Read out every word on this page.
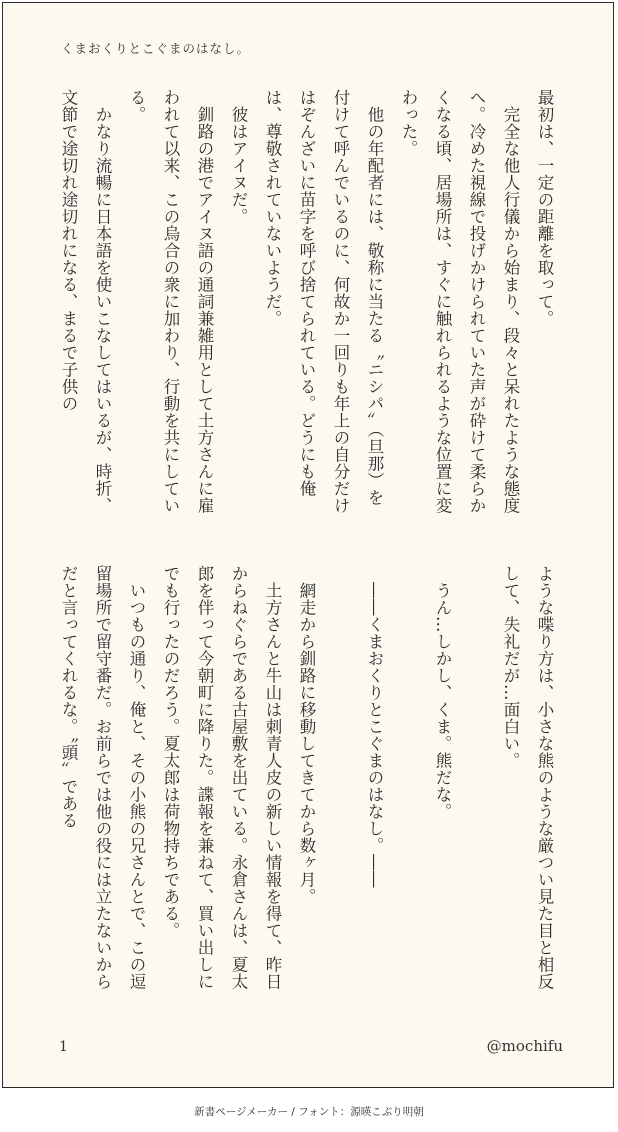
くまおくりとこぐまのはなし。

最初は、一定の距離を取って。

完全な他人行儀から始まり、段々と呆れたような態度へ。冷めた視線で投げかけられていた声が砕けて柔らかくなる頃、居場所は、すぐに触れられるような位置に変わった。

他の年配者には、敬称に当たる〝ニシパ〟（旦那）を付けて呼んでいるのに、何故か一回りも年上の自分だけはぞんざいに苗字を呼び捨てられている。どうにも俺は、尊敬されていないようだ。

彼はアイヌだ。

釧路の港でアイヌ語の通詞兼雑用として土方さんに雇われて以来、この烏合の衆に加わり、行動を共にしている。

かなり流暢に日本語を使いこなしてはいるが、時折、文節で途切れ途切れになる、まるで子供の

ような喋り方は、小さな熊のような厳つい見た目と相反して、失礼だが…面白い。

うん…しかし、くま。熊だな。

――くまおくりとこぐまのはなし。――

網走から釧路に移動してきてから数ヶ月。

土方さんと牛山は刺青人皮の新しい情報を得て、昨日からねぐらである古屋敷を出ている。永倉さんは、夏太郎を伴って今朝町に降りた。諜報を兼ねて、買い出しにでも行ったのだろう。夏太郎は荷物持ちである。

いつもの通り、俺と、その小熊の兄さんとで、この逗留場所で留守番だ。お前らでは他の役には立たないからだと言ってくれるな。〝頭〟である

1	@mochifu
新書ページメーカー / フォント：源暎こぶり明朝
